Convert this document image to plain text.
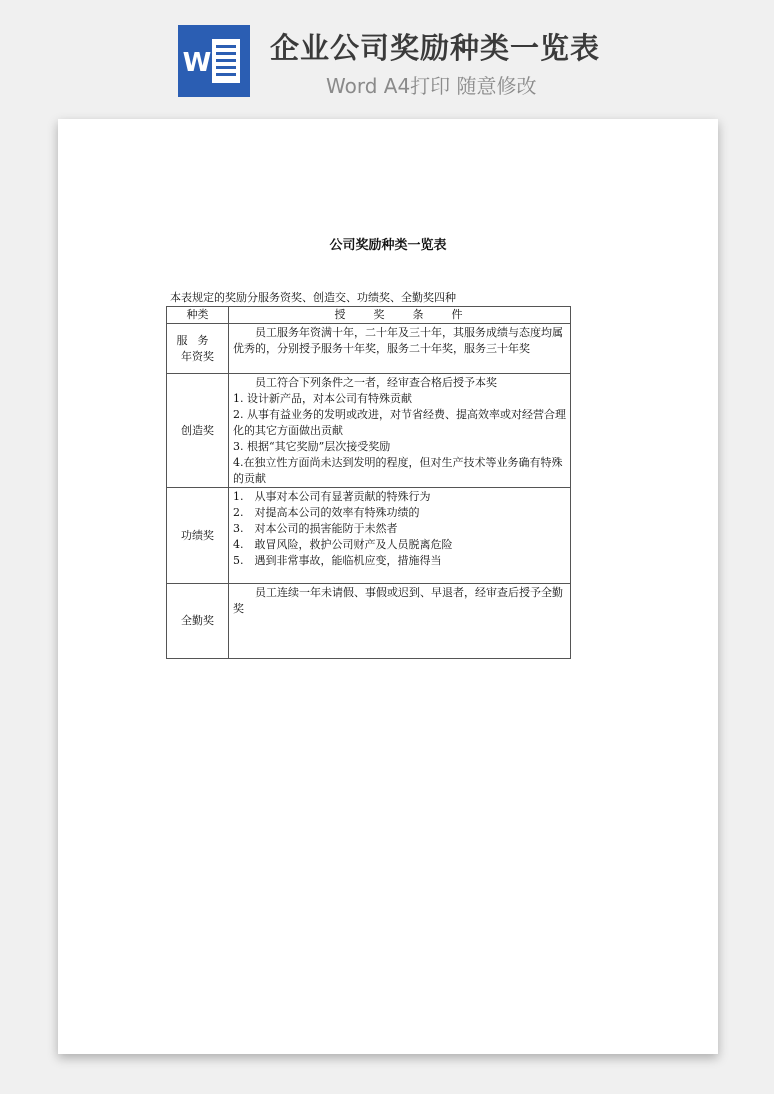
W 企业公司奖励种类一览表
Word A4打印 随意修改
公司奖励种类一览表
本表规定的奖励分服务资奖、创造交、功绩奖、全勤奖四种
种类	授奖条件

服务
年资奖	员工服务年资满十年，二十年及三十年，其服务成绩与态度均属优秀的，分别授予服务十年奖，服务二十年奖，服务三十年奖

创造奖	员工符合下列条件之一者，经审查合格后授予本奖
1. 设计新产品，对本公司有特殊贡献
2. 从事有益业务的发明或改进，对节省经费、提高效率或对经营合理化的其它方面做出贡献
3. 根据“其它奖励”层次接受奖励
4.在独立性方面尚未达到发明的程度，但对生产技术等业务确有特殊的贡献

功绩奖	1.　从事对本公司有显著贡献的特殊行为
2.　对提高本公司的效率有特殊功绩的
3.　对本公司的损害能防于未然者
4.　敢冒风险，救护公司财产及人员脱离危险
5.　遇到非常事故，能临机应变，措施得当

全勤奖	员工连续一年未请假、事假或迟到、早退者，经审查后授予全勤奖
